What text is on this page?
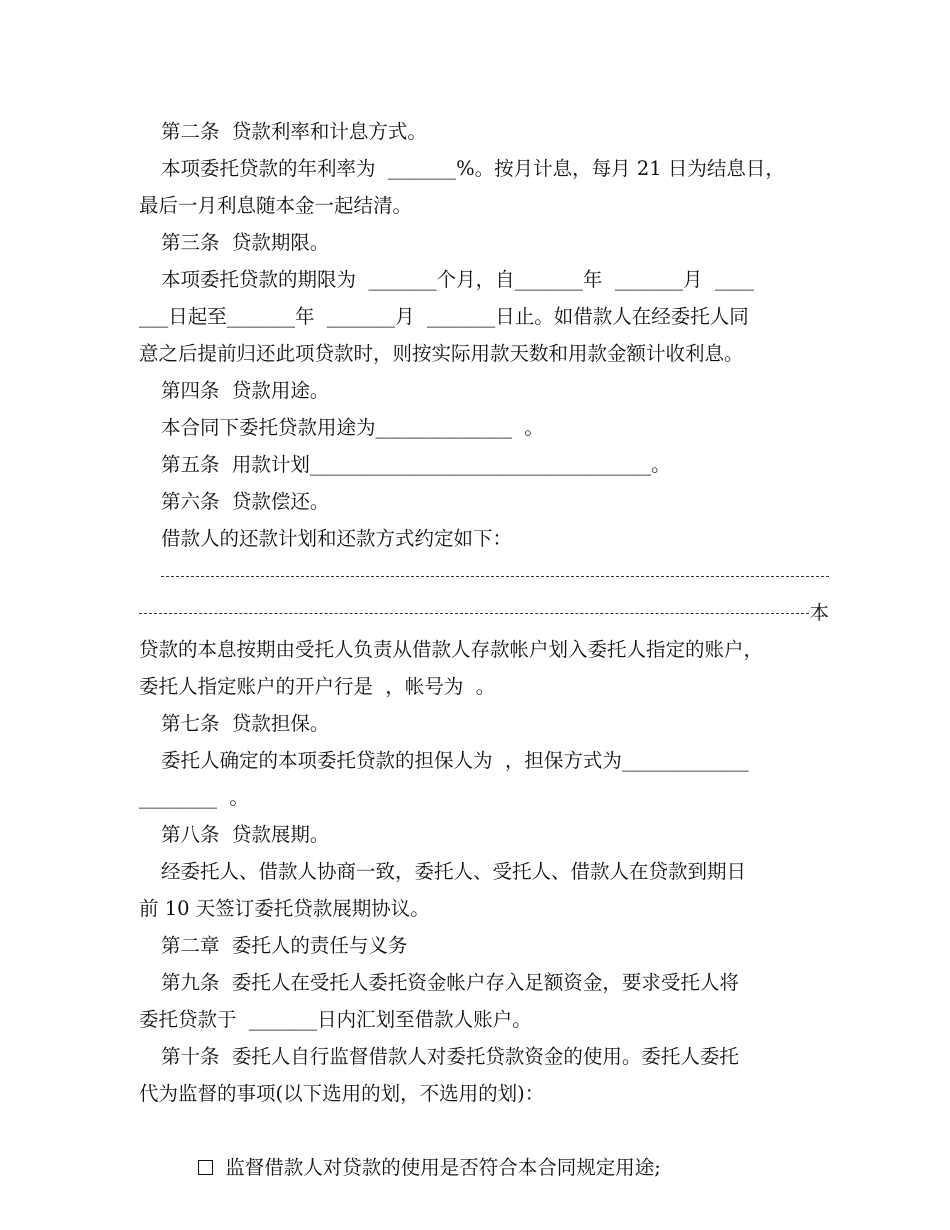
第二条  贷款利率和计息方式。
本项委托贷款的年利率为  _______%。按月计息，每月 21 日为结息日，
最后一月利息随本金一起结清。
第三条  贷款期限。
本项委托贷款的期限为  _______个月，自_______年  _______月  ____
___日起至_______年  _______月  _______日止。如借款人在经委托人同
意之后提前归还此项贷款时，则按实际用款天数和用款金额计收利息。
第四条  贷款用途。
本合同下委托贷款用途为______________  。
第五条  用款计划___________________________________。
第六条  贷款偿还。
借款人的还款计划和还款方式约定如下：
本
贷款的本息按期由受托人负责从借款人存款帐户划入委托人指定的账户，
委托人指定账户的开户行是  ，帐号为  。
第七条  贷款担保。
委托人确定的本项委托贷款的担保人为  ，担保方式为_____________
________  。
第八条  贷款展期。
经委托人、借款人协商一致，委托人、受托人、借款人在贷款到期日
前 10 天签订委托贷款展期协议。
第二章  委托人的责任与义务
第九条  委托人在受托人委托资金帐户存入足额资金，要求受托人将
委托贷款于  _______日内汇划至借款人账户。
第十条  委托人自行监督借款人对委托贷款资金的使用。委托人委托
代为监督的事项(以下选用的划，不选用的划)：

监督借款人对贷款的使用是否符合本合同规定用途;
